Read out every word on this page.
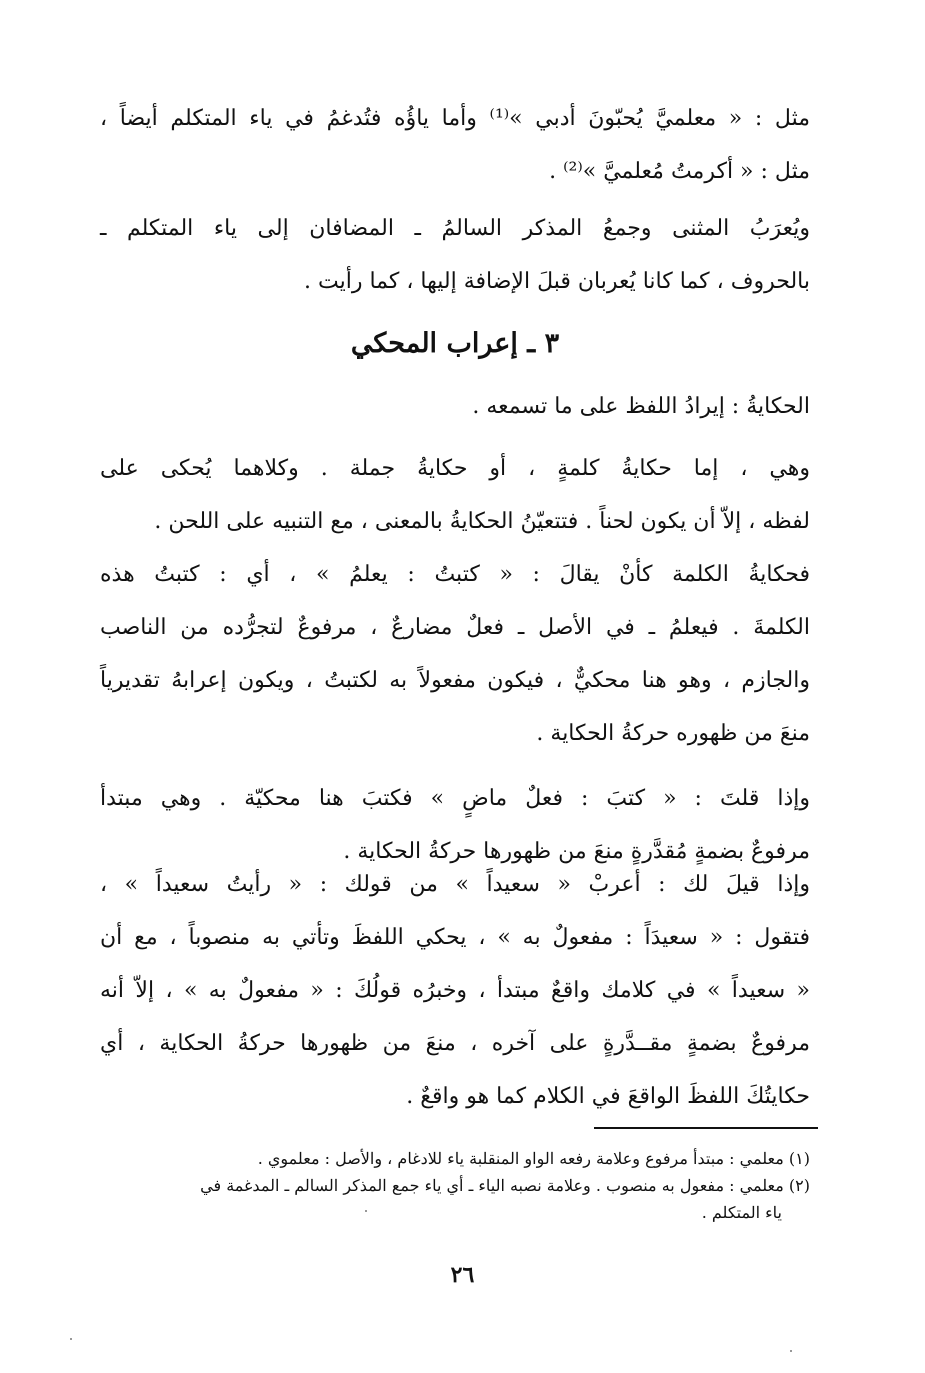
مثل : « معلميَّ يُحبّونَ أدبي »⁽¹⁾ وأما ياؤُه فتُدغمُ في ياء المتكلم أيضاً ،
مثل : « أكرمتُ مُعلميَّ »⁽²⁾ .
ويُعرَبُ المثنى وجمعُ المذكر السالمُ ـ المضافان إلى ياء المتكلم ـ
بالحروف ، كما كانا يُعربان قبلَ الإضافة إليها ، كما رأيت .
٣ ـ إعراب المحكي
الحكايةُ : إيرادُ اللفظ على ما تسمعه .
وهي ، إما حكايةُ كلمةٍ ، أو حكايةُ جملة . وكلاهما يُحكى على
لفظه ، إلاّ أن يكون لحناً . فتتعيّنُ الحكايةُ بالمعنى ، مع التنبيه على اللحن .
فحكايةُ الكلمة كأنْ يقالَ : « كتبتُ : يعلمُ » ، أي : كتبتُ هذه
الكلمةَ . فيعلمُ ـ في الأصل ـ فعلٌ مضارعٌ ، مرفوعٌ لتجرُّده من الناصب
والجازم ، وهو هنا محكيٌّ ، فيكون مفعولاً به لكتبتُ ، ويكون إعرابهُ تقديرياً
منعَ من ظهوره حركةُ الحكاية .
وإذا قلتَ : « كتبَ : فعلٌ ماضٍ » فكتبَ هنا محكيّة . وهي مبتدأ
مرفوعٌ بضمةٍ مُقدَّرةٍ منعَ من ظهورها حركةُ الحكاية .
وإذا قيلَ لك : أعربْ « سعيداً » من قولك : « رأيتُ سعيداً » ،
فتقول : « سعيدَاً : مفعولٌ به » ، يحكي اللفظَ وتأتي به منصوباً ، مع أن
« سعيداً » في كلامك واقعٌ مبتدأ ، وخبرُه قولُكَ : « مفعولٌ به » ، إلاّ أنه
مرفوعٌ بضمةٍ مقــدَّرةٍ على آخره ، منعَ من ظهورها حركةُ الحكاية ، أي
حكايتُكَ اللفظَ الواقعَ في الكلام كما هو واقعٌ .
(١) معلمي : مبتدأ مرفوع وعلامة رفعه الواو المنقلبة ياء للادغام ، والأصل : معلموي .
(٢) معلمي : مفعول به منصوب . وعلامة نصبه الياء ـ أي ياء جمع المذكر السالم ـ المدغمة في
ياء المتكلم .
٢٦
